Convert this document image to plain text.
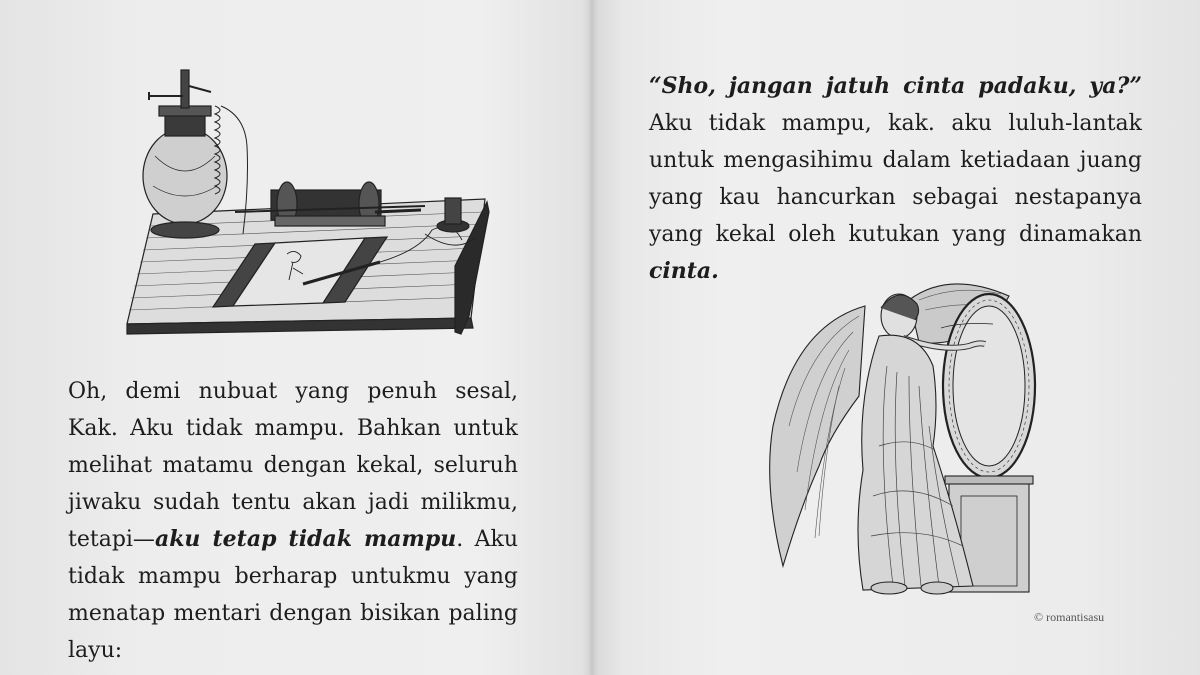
Oh, demi nubuat yang penuh sesal, Kak. Aku tidak mampu. Bahkan untuk melihat matamu dengan kekal, seluruh jiwaku sudah tentu akan jadi milikmu, tetapi—aku tetap tidak mampu. Aku tidak mampu berharap untukmu yang menatap mentari dengan bisikan paling layu:

“Sho, jangan jatuh cinta padaku, ya?” Aku tidak mampu, kak. aku luluh-lantak untuk mengasihimu dalam ketiadaan juang yang kau hancurkan sebagai nestapanya yang kekal oleh kutukan yang dinamakan cinta.

© romantisasu
